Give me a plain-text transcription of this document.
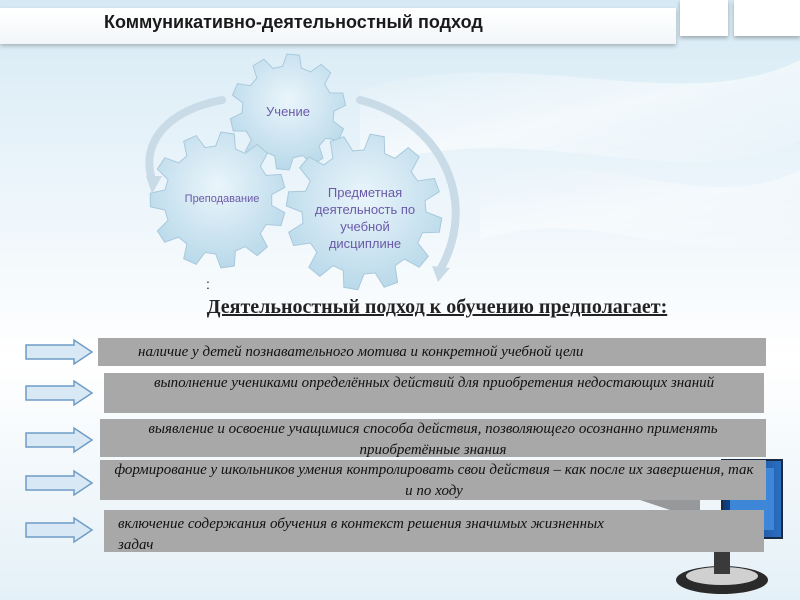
Коммуникативно-деятельностный подход
Учение
Преподавание	Предметная деятельность по учебной дисциплине
:
Деятельностный подход к обучению предполагает:
наличие у детей познавательного мотива и конкретной учебной цели
выполнение учениками определённых действий для приобретения недостающих знаний
выявление и освоение учащимися способа действия, позволяющего осознанно применять приобретённые знания
формирование у школьников умения контролировать свои действия – как после их завершения, так и по ходу
включение содержания обучения в контекст решения значимых жизненных задач
